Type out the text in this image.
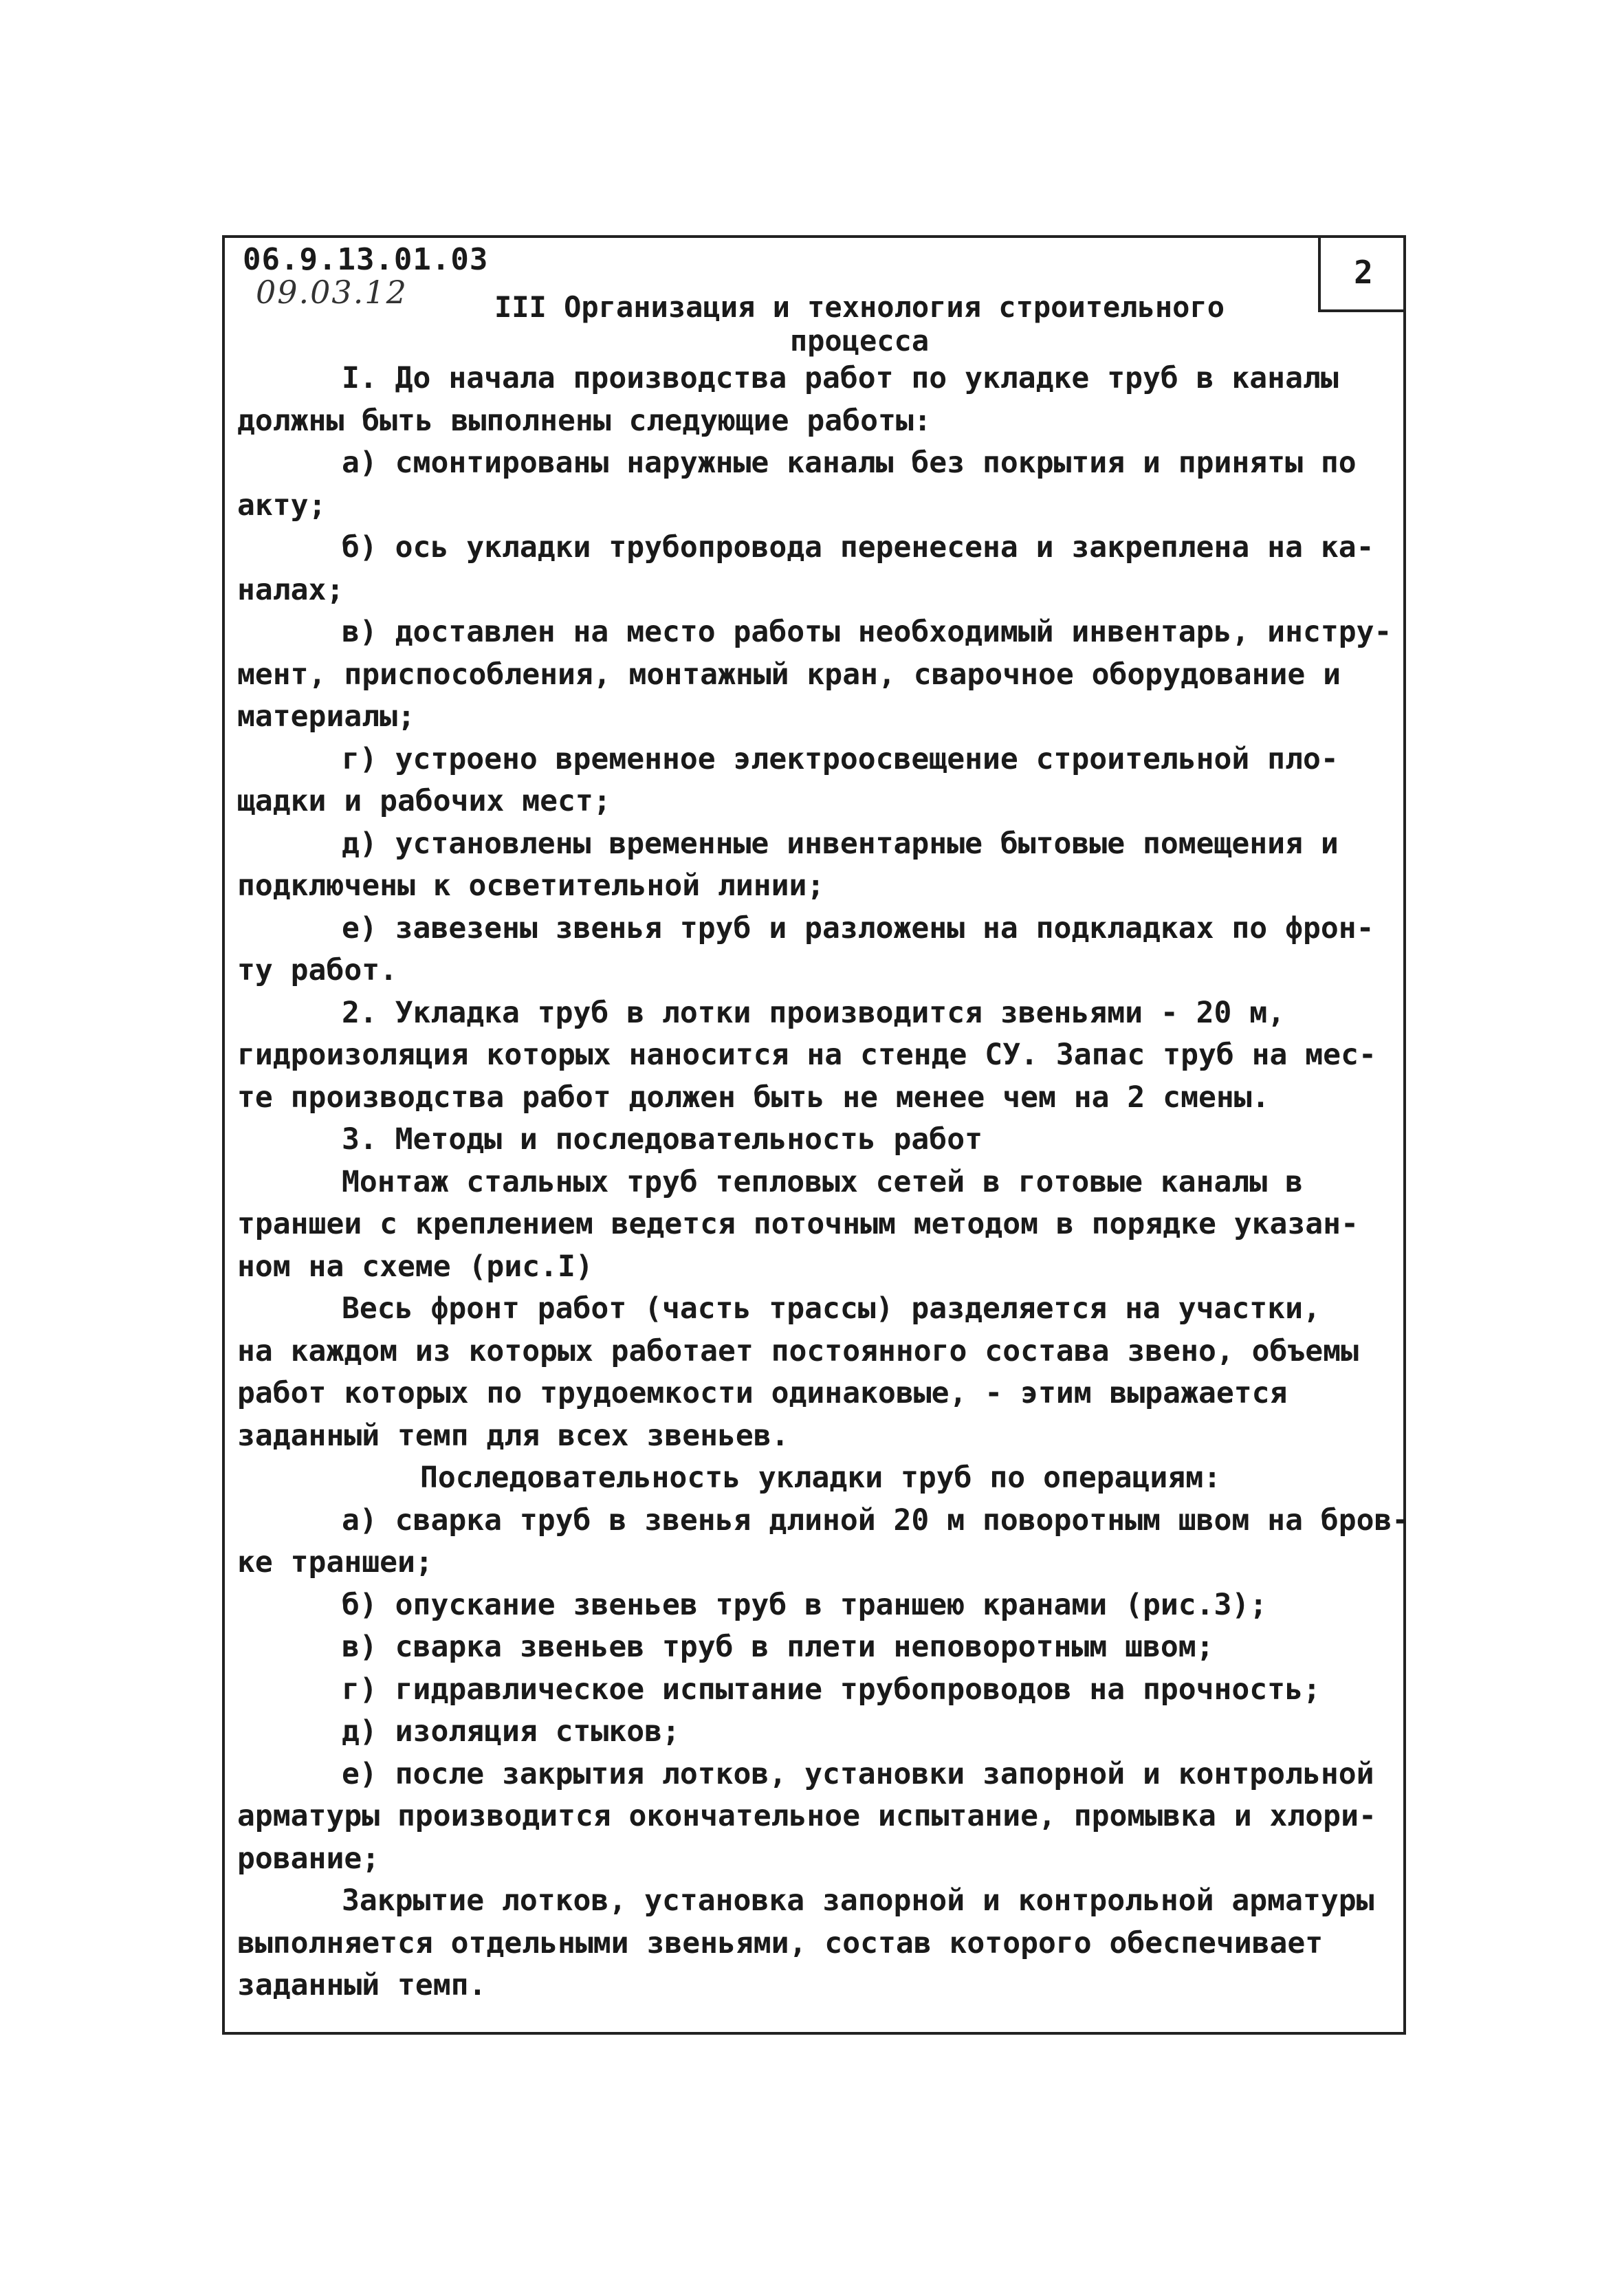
2
06.9.13.01.03
09.03.12	III Организация и технология строительного
процесса

I. До начала производства работ по укладке труб в каналы

должны быть выполнены следующие работы:

а) смонтированы наружные каналы без покрытия и приняты по

акту;

б) ось укладки трубопровода перенесена и закреплена на ка-

налах;

в) доставлен на место работы необходимый инвентарь, инстру-

мент, приспособления, монтажный кран, сварочное оборудование и

материалы;

г) устроено временное электроосвещение строительной пло-

щадки и рабочих мест;

д) установлены временные инвентарные бытовые помещения и

подключены к осветительной линии;

е) завезены звенья труб и разложены на подкладках по фрон-

ту работ.

2. Укладка труб в лотки производится звеньями - 20 м,

гидроизоляция которых наносится на стенде СУ. Запас труб на мес-

те производства работ должен быть не менее чем на 2 смены.

3. Методы и последовательность работ

Монтаж стальных труб тепловых сетей в готовые каналы в

траншеи с креплением ведется поточным методом в порядке указан-

ном на схеме (рис.I)

Весь фронт работ (часть трассы) разделяется на участки,

на каждом из которых работает постоянного состава звено, объемы

работ которых по трудоемкости одинаковые, - этим выражается

заданный темп для всех звеньев.

Последовательность укладки труб по операциям:

а) сварка труб в звенья длиной 20 м поворотным швом на бров-

ке траншеи;

б) опускание звеньев труб в траншею кранами (рис.3);

в) сварка звеньев труб в плети неповоротным швом;

г) гидравлическое испытание трубопроводов на прочность;

д) изоляция стыков;

е) после закрытия лотков, установки запорной и контрольной

арматуры производится окончательное испытание, промывка и хлори-

рование;

Закрытие лотков, установка запорной и контрольной арматуры

выполняется отдельными звеньями, состав которого обеспечивает

заданный темп.
